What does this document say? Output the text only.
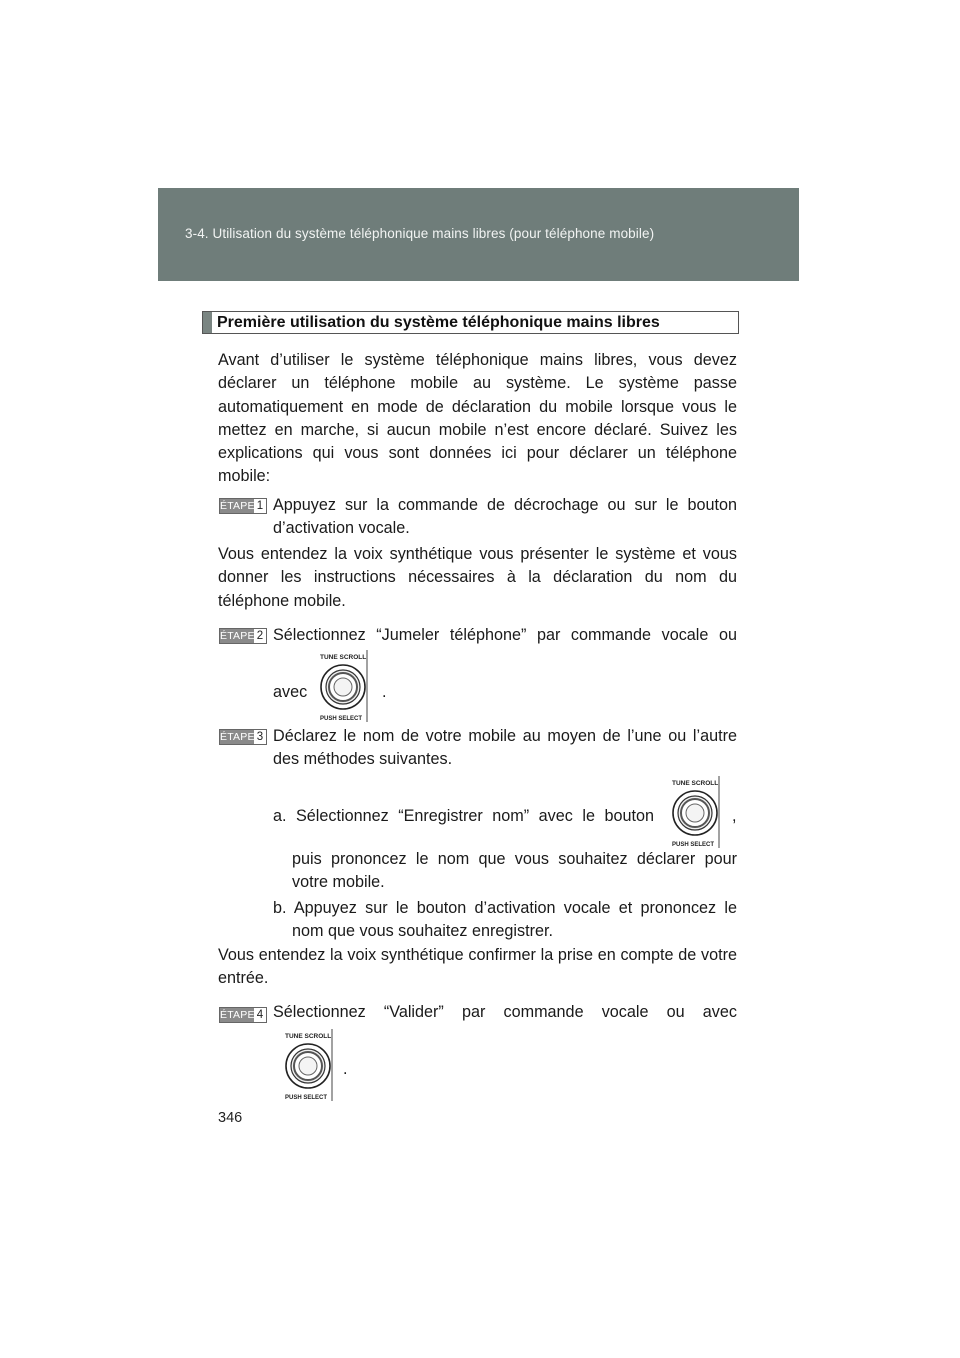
3-4. Utilisation du système téléphonique mains libres (pour téléphone mobile)
Première utilisation du système téléphonique mains libres
Avant d’utiliser le système téléphonique mains libres, vous devez déclarer un téléphone mobile au système. Le système passe automatiquement en mode de déclaration du mobile lorsque vous le mettez en marche, si aucun mobile n’est encore déclaré. Suivez les explications qui vous sont données ici pour déclarer un téléphone mobile:
ÉTAPE 1 Appuyez sur la commande de décrochage ou sur le bouton d’activation vocale.
Vous entendez la voix synthétique vous présenter le système et vous donner les instructions nécessaires à la déclaration du nom du téléphone mobile.
ÉTAPE 2 Sélectionnez “Jumeler téléphone” par commande vocale ou
avec
TUNE SCROLL
PUSH SELECT
.
ÉTAPE 3 Déclarez le nom de votre mobile au moyen de l’une ou l’autre des méthodes suivantes.
a. Sélectionnez “Enregistrer nom” avec le bouton
TUNE SCROLL
PUSH SELECT
,
puis prononcez le nom que vous souhaitez déclarer pour votre mobile.
b. Appuyez sur le bouton d’activation vocale et prononcez le nom que vous souhaitez enregistrer.
Vous entendez la voix synthétique confirmer la prise en compte de votre entrée.
ÉTAPE 4 Sélectionnez “Valider” par commande vocale ou avec
TUNE SCROLL
PUSH SELECT
.
346
